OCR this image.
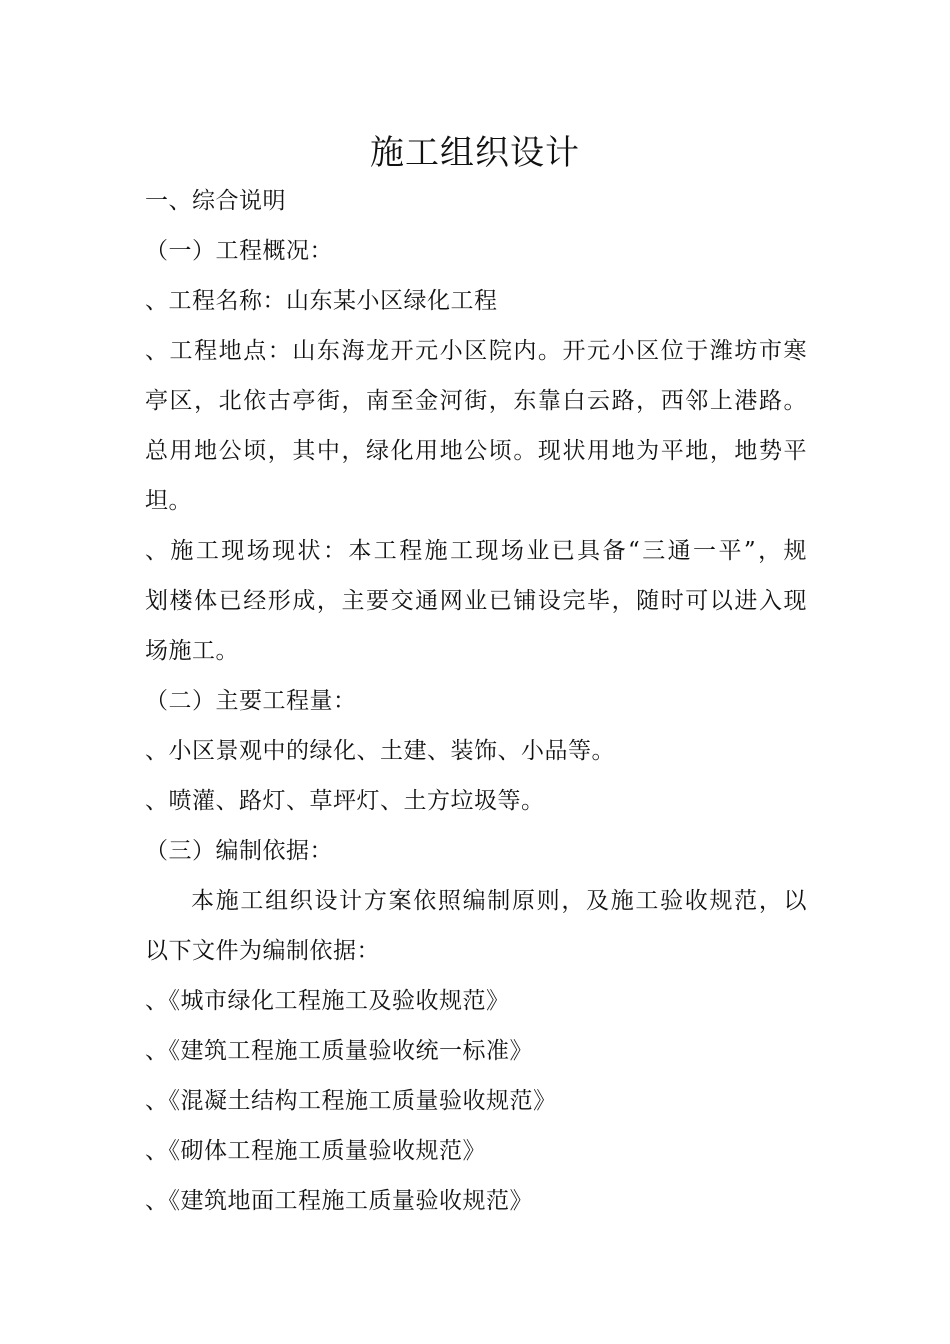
施工组织设计
一、综合说明
（一）工程概况：
、工程名称：山东某小区绿化工程
、工程地点：山东海龙开元小区院内。开元小区位于潍坊市寒
亭区，北依古亭街，南至金河街，东靠白云路，西邻上港路。
总用地公顷，其中，绿化用地公顷。现状用地为平地，地势平
坦。
、施工现场现状：本工程施工现场业已具备“三通一平”，规
划楼体已经形成，主要交通网业已铺设完毕，随时可以进入现
场施工。
（二）主要工程量：
、小区景观中的绿化、土建、装饰、小品等。
、喷灌、路灯、草坪灯、土方垃圾等。
（三）编制依据：
本施工组织设计方案依照编制原则，及施工验收规范，以
以下文件为编制依据：
、《城市绿化工程施工及验收规范》
、《建筑工程施工质量验收统一标准》
、《混凝土结构工程施工质量验收规范》
、《砌体工程施工质量验收规范》
、《建筑地面工程施工质量验收规范》
